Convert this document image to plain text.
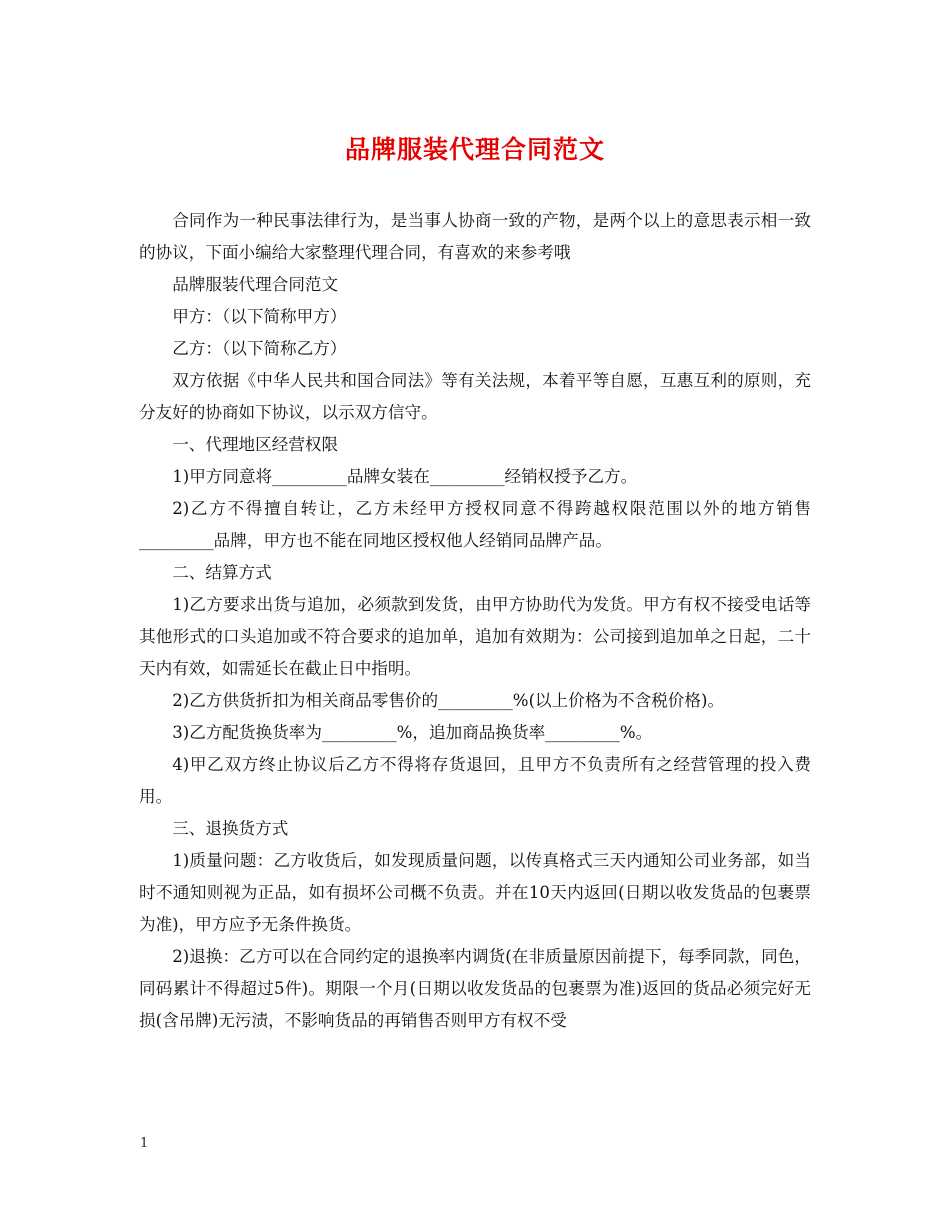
品牌服装代理合同范文

合同作为一种民事法律行为，是当事人协商一致的产物，是两个以上的意思表示相一致的协议，下面小编给大家整理代理合同，有喜欢的来参考哦

品牌服装代理合同范文

甲方：（以下简称甲方）

乙方：（以下简称乙方）

双方依据《中华人民共和国合同法》等有关法规，本着平等自愿，互惠互利的原则，充分友好的协商如下协议，以示双方信守。

一、代理地区经营权限

1)甲方同意将_________品牌女装在_________经销权授予乙方。

2)乙方不得擅自转让，乙方未经甲方授权同意不得跨越权限范围以外的地方销售_________品牌，甲方也不能在同地区授权他人经销同品牌产品。

二、结算方式

1)乙方要求出货与追加，必须款到发货，由甲方协助代为发货。甲方有权不接受电话等其他形式的口头追加或不符合要求的追加单，追加有效期为：公司接到追加单之日起，二十天内有效，如需延长在截止日中指明。

2)乙方供货折扣为相关商品零售价的_________%(以上价格为不含税价格)。

3)乙方配货换货率为_________%，追加商品换货率_________%。

4)甲乙双方终止协议后乙方不得将存货退回，且甲方不负责所有之经营管理的投入费用。

三、退换货方式

1)质量问题：乙方收货后，如发现质量问题，以传真格式三天内通知公司业务部，如当时不通知则视为正品，如有损坏公司概不负责。并在10天内返回(日期以收发货品的包裹票为准)，甲方应予无条件换货。

2)退换：乙方可以在合同约定的退换率内调货(在非质量原因前提下，每季同款，同色，同码累计不得超过5件)。期限一个月(日期以收发货品的包裹票为准)返回的货品必须完好无损(含吊牌)无污渍，不影响货品的再销售否则甲方有权不受

1
